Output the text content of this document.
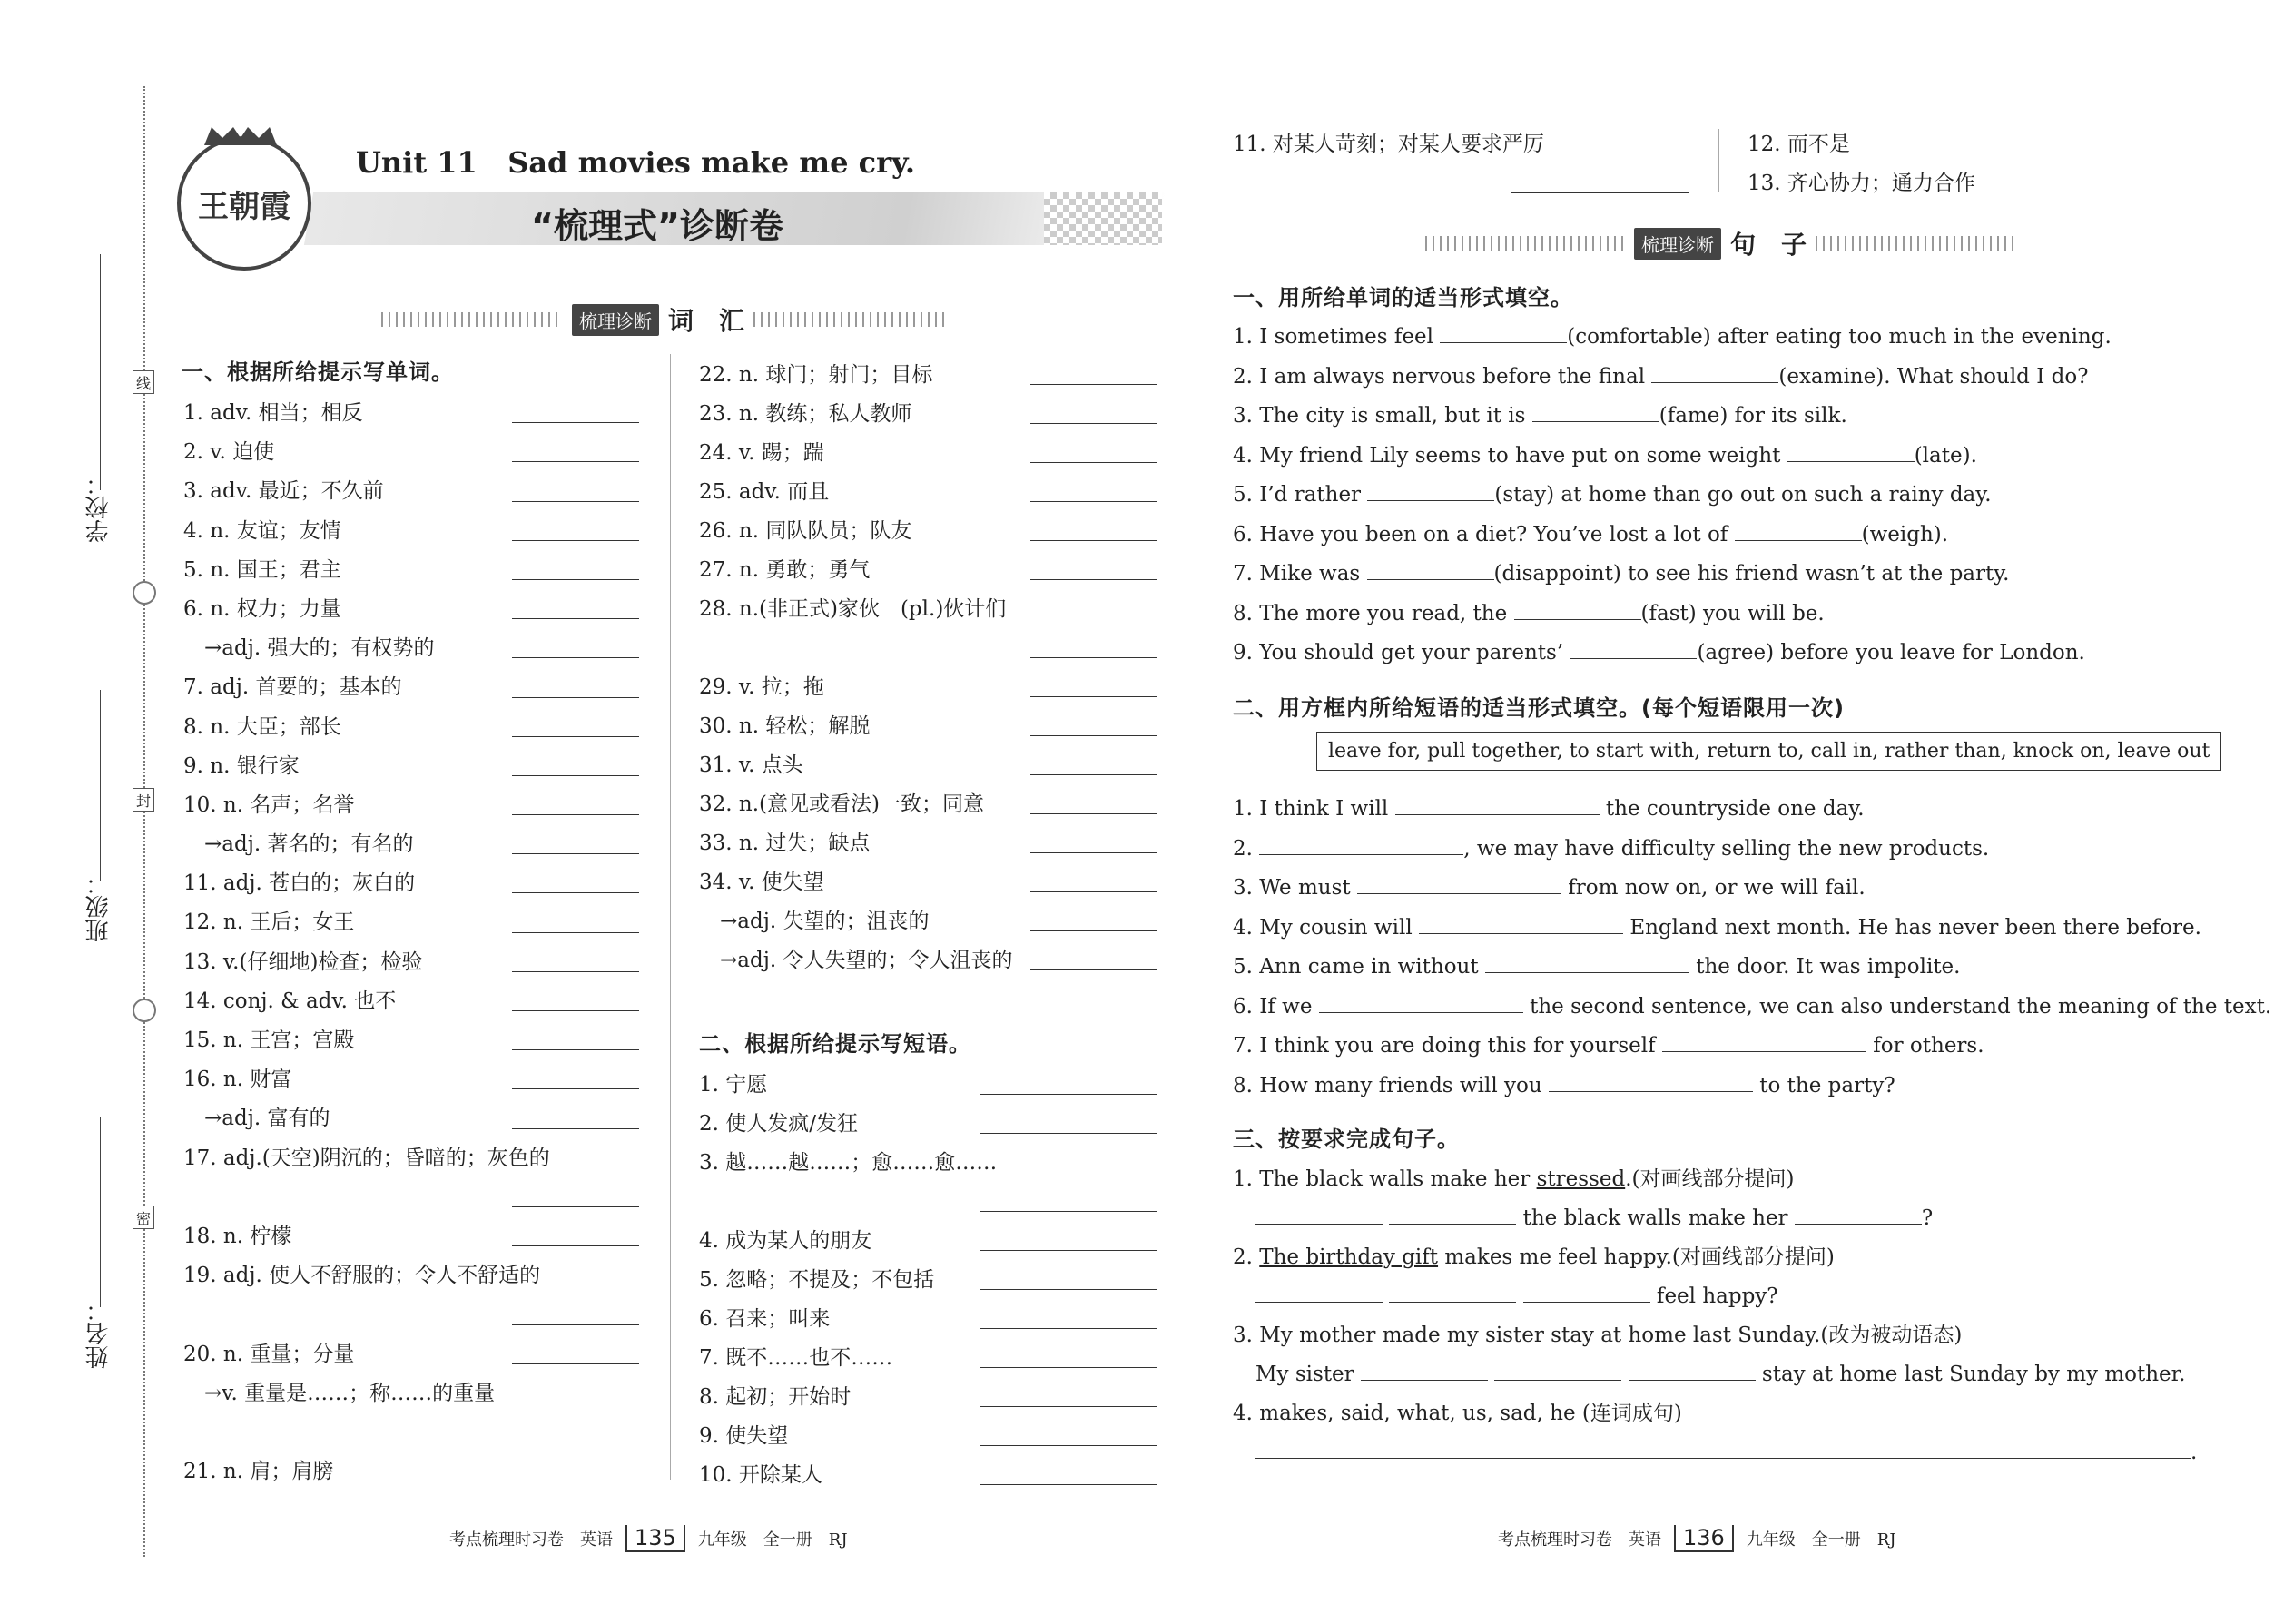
学校：
班级：
姓名：
线
封
密
王朝霞
Unit 11 Sad movies make me cry.
“梳理式”诊断卷
梳理诊断 词　汇
一、根据所给提示写单词。
1. adv. 相当；相反
2. v. 迫使
3. adv. 最近；不久前
4. n. 友谊；友情
5. n. 国王；君主
6. n. 权力；力量
　→adj. 强大的；有权势的
7. adj. 首要的；基本的
8. n. 大臣；部长
9. n. 银行家
10. n. 名声；名誉
　→adj. 著名的；有名的
11. adj. 苍白的；灰白的
12. n. 王后；女王
13. v.(仔细地)检查；检验
14. conj. & adv. 也不
15. n. 王宫；宫殿
16. n. 财富
　→adj. 富有的
17. adj.(天空)阴沉的；昏暗的；灰色的
18. n. 柠檬
19. adj. 使人不舒服的；令人不舒适的
20. n. 重量；分量
　→v. 重量是……；称……的重量
21. n. 肩；肩膀
22. n. 球门；射门；目标
23. n. 教练；私人教师
24. v. 踢；踹
25. adv. 而且
26. n. 同队队员；队友
27. n. 勇敢；勇气
28. n.(非正式)家伙　(pl.)伙计们
29. v. 拉；拖
30. n. 轻松；解脱
31. v. 点头
32. n.(意见或看法)一致；同意
33. n. 过失；缺点
34. v. 使失望
　→adj. 失望的；沮丧的
　→adj. 令人失望的；令人沮丧的
二、根据所给提示写短语。
1. 宁愿
2. 使人发疯/发狂
3. 越……越……；愈……愈……
4. 成为某人的朋友
5. 忽略；不提及；不包括
6. 召来；叫来
7. 既不……也不……
8. 起初；开始时
9. 使失望
10. 开除某人
11. 对某人苛刻；对某人要求严厉	12. 而不是
13. 齐心协力；通力合作
梳理诊断 句　子
一、用所给单词的适当形式填空。
1. I sometimes feel	(comfortable) after eating too much in the evening.
2. I am always nervous before the final	(examine). What should I do?
3. The city is small, but it is	(fame) for its silk.
4. My friend Lily seems to have put on some weight	(late).
5. I’d rather	(stay) at home than go out on such a rainy day.
6. Have you been on a diet? You’ve lost a lot of	(weigh).
7. Mike was	(disappoint) to see his friend wasn’t at the party.
8. The more you read, the	(fast) you will be.
9. You should get your parents’	(agree) before you leave for London.
二、用方框内所给短语的适当形式填空。(每个短语限用一次)
leave for, pull together, to start with, return to, call in, rather than, knock on, leave out
1. I think I will	the countryside one day.
2.	, we may have difficulty selling the new products.
3. We must	from now on, or we will fail.
4. My cousin will	England next month. He has never been there before.
5. Ann came in without	the door. It was impolite.
6. If we	the second sentence, we can also understand the meaning of the text.
7. I think you are doing this for yourself	for others.
8. How many friends will you	to the party?
三、按要求完成句子。
1. The black walls make her stressed.(对画线部分提问)
the black walls make her	?
2. The birthday gift makes me feel happy.(对画线部分提问)
feel happy?
3. My mother made my sister stay at home last Sunday.(改为被动语态)
My sister	stay at home last Sunday by my mother.
4. makes, said, what, us, sad, he (连词成句)
.
考点梳理时习卷　英语	135	九年级　全一册　RJ	考点梳理时习卷　英语	136	九年级　全一册　RJ
